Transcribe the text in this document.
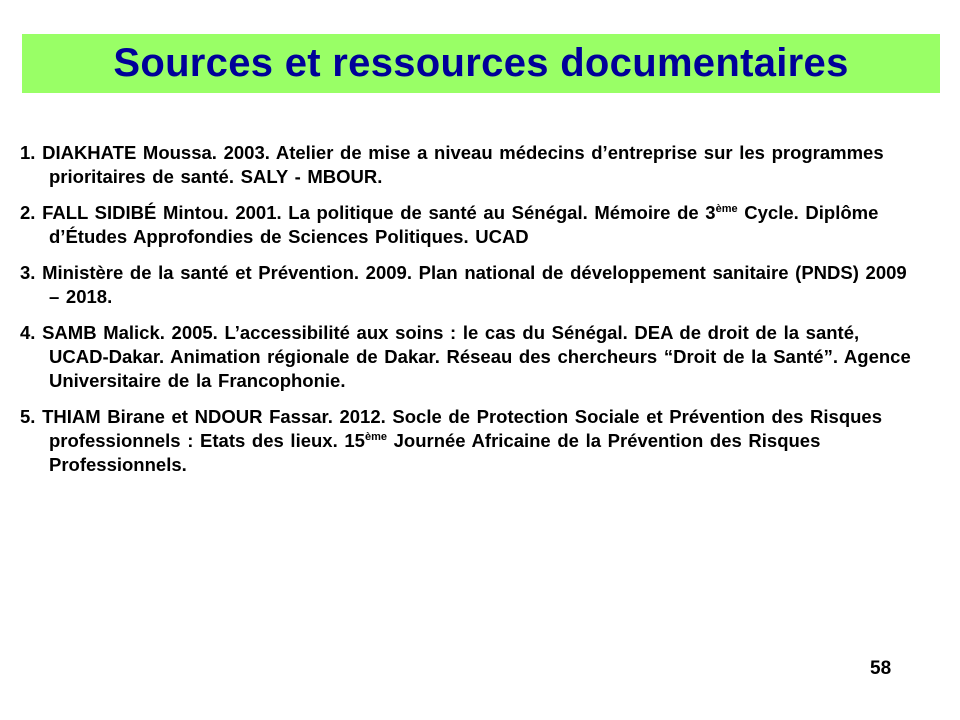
Sources et ressources documentaires
1. DIAKHATE Moussa. 2003. Atelier de mise a niveau médecins d’entreprise sur les programmes prioritaires de santé. SALY - MBOUR.
2. FALL SIDIBÉ Mintou. 2001. La politique de santé au Sénégal. Mémoire de 3ème Cycle. Diplôme d’Études Approfondies de Sciences Politiques. UCAD
3. Ministère de la santé et Prévention. 2009. Plan national de développement sanitaire (PNDS) 2009 – 2018.
4. SAMB Malick. 2005. L’accessibilité aux soins : le cas du Sénégal. DEA de droit de la santé, UCAD-Dakar. Animation régionale de Dakar. Réseau des chercheurs “Droit de la Santé”. Agence Universitaire de la Francophonie.
5. THIAM Birane et NDOUR Fassar. 2012. Socle de Protection Sociale et Prévention des Risques professionnels : Etats des lieux. 15ème Journée Africaine de la Prévention des Risques Professionnels.
58
